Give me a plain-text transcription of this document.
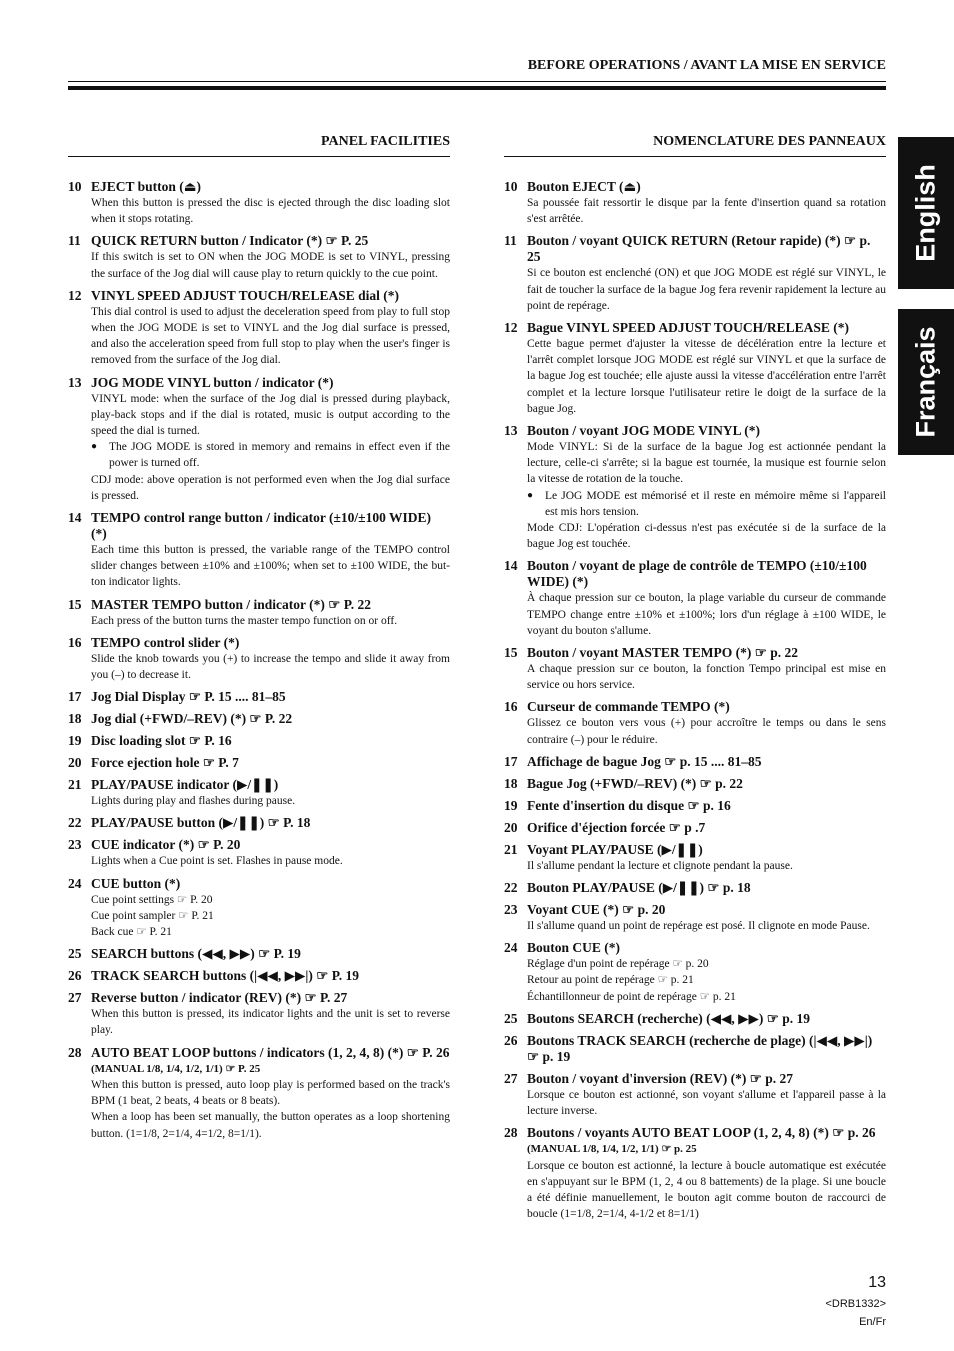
BEFORE OPERATIONS / AVANT LA MISE EN SERVICE
PANEL FACILITIES
10 EJECT button (⏏)
When this button is pressed the disc is ejected through the disc loading slot when it stops rotating.
11 QUICK RETURN button / Indicator (*) ☞ P. 25
If this switch is set to ON when the JOG MODE is set to VINYL, pressing the surface of the Jog dial will cause play to return quickly to the cue point.
12 VINYL SPEED ADJUST TOUCH/RELEASE dial (*)
This dial control is used to adjust the deceleration speed from play to full stop when the JOG MODE is set to VINYL and the Jog dial surface is pressed, and also the acceleration speed from full stop to play when the user's finger is removed from the surface of the Jog dial.
13 JOG MODE VINYL button / indicator (*)
VINYL mode: when the surface of the Jog dial is pressed during playback, play-back stops and if the dial is rotated, music is output according to the speed the dial is turned.
● The JOG MODE is stored in memory and remains in effect even if the power is turned off.
CDJ mode: above operation is not performed even when the Jog dial surface is pressed.
14 TEMPO control range button / indicator (±10/±100 WIDE) (*)
Each time this button is pressed, the variable range of the TEMPO control slider changes between ±10% and ±100%; when set to ±100 WIDE, the but-ton indicator lights.
15 MASTER TEMPO button / indicator (*) ☞ P. 22
Each press of the button turns the master tempo function on or off.
16 TEMPO control slider (*)
Slide the knob towards you (+) to increase the tempo and slide it away from you (–) to decrease it.
17 Jog Dial Display ☞ P. 15 .... 81–85
18 Jog dial (+FWD/–REV) (*) ☞ P. 22
19 Disc loading slot ☞ P. 16
20 Force ejection hole ☞ P. 7
21 PLAY/PAUSE indicator (▶/❚❚)
Lights during play and flashes during pause.
22 PLAY/PAUSE button (▶/❚❚) ☞ P. 18
23 CUE indicator (*) ☞ P. 20
Lights when a Cue point is set. Flashes in pause mode.
24 CUE button (*)
Cue point settings ☞ P. 20
Cue point sampler ☞ P. 21
Back cue ☞ P. 21
25 SEARCH buttons (◀◀, ▶▶) ☞ P. 19
26 TRACK SEARCH buttons (|◀◀, ▶▶|) ☞ P. 19
27 Reverse button / indicator (REV) (*) ☞ P. 27
When this button is pressed, its indicator lights and the unit is set to reverse play.
28 AUTO BEAT LOOP buttons / indicators (1, 2, 4, 8) (*) ☞ P. 26
(MANUAL 1/8, 1/4, 1/2, 1/1) ☞ P. 25
When this button is pressed, auto loop play is performed based on the track's BPM (1 beat, 2 beats, 4 beats or 8 beats).
When a loop has been set manually, the button operates as a loop shortening button. (1=1/8, 2=1/4, 4=1/2, 8=1/1).
NOMENCLATURE DES PANNEAUX
10 Bouton EJECT (⏏)
Sa poussée fait ressortir le disque par la fente d'insertion quand sa rotation s'est arrêtée.
11 Bouton / voyant QUICK RETURN (Retour rapide) (*) ☞ p. 25
Si ce bouton est enclenché (ON) et que JOG MODE est réglé sur VINYL, le fait de toucher la surface de la bague Jog fera revenir rapidement la lecture au point de repérage.
12 Bague VINYL SPEED ADJUST TOUCH/RELEASE (*)
Cette bague permet d'ajuster la vitesse de décélération entre la lecture et l'arrêt complet lorsque JOG MODE est réglé sur VINYL et que la surface de la bague Jog est touchée; elle ajuste aussi la vitesse d'accélération entre l'arrêt complet et la lecture lorsque l'utilisateur retire le doigt de la surface de la bague Jog.
13 Bouton / voyant JOG MODE VINYL (*)
Mode VINYL: Si de la surface de la bague Jog est actionnée pendant la lecture, celle-ci s'arrête; si la bague est tournée, la musique est fournie selon la vitesse de rotation de la touche.
● Le JOG MODE est mémorisé et il reste en mémoire même si l'appareil est mis hors tension.
Mode CDJ: L'opération ci-dessus n'est pas exécutée si de la surface de la bague Jog est touchée.
14 Bouton / voyant de plage de contrôle de TEMPO (±10/±100 WIDE) (*)
À chaque pression sur ce bouton, la plage variable du curseur de commande TEMPO change entre ±10% et ±100%; lors d'un réglage à ±100 WIDE, le voyant du bouton s'allume.
15 Bouton / voyant MASTER TEMPO (*) ☞ p. 22
A chaque pression sur ce bouton, la fonction Tempo principal est mise en service ou hors service.
16 Curseur de commande TEMPO (*)
Glissez ce bouton vers vous (+) pour accroître le temps ou dans le sens contraire (–) pour le réduire.
17 Affichage de bague Jog ☞ p. 15 .... 81–85
18 Bague Jog (+FWD/–REV) (*) ☞ p. 22
19 Fente d'insertion du disque ☞ p. 16
20 Orifice d'éjection forcée ☞ p .7
21 Voyant PLAY/PAUSE (▶/❚❚)
Il s'allume pendant la lecture et clignote pendant la pause.
22 Bouton PLAY/PAUSE (▶/❚❚) ☞ p. 18
23 Voyant CUE (*) ☞ p. 20
Il s'allume quand un point de repérage est posé. Il clignote en mode Pause.
24 Bouton CUE (*)
Réglage d'un point de repérage ☞ p. 20
Retour au point de repérage ☞ p. 21
Échantillonneur de point de repérage ☞ p. 21
25 Boutons SEARCH (recherche) (◀◀, ▶▶) ☞ p. 19
26 Boutons TRACK SEARCH (recherche de plage) (|◀◀, ▶▶|) ☞ p. 19
27 Bouton / voyant d'inversion (REV) (*) ☞ p. 27
Lorsque ce bouton est actionné, son voyant s'allume et l'appareil passe à la lecture inverse.
28 Boutons / voyants AUTO BEAT LOOP (1, 2, 4, 8) (*) ☞ p. 26
(MANUAL 1/8, 1/4, 1/2, 1/1) ☞ p. 25
Lorsque ce bouton est actionné, la lecture à boucle automatique est exécutée en s'appuyant sur le BPM (1, 2, 4 ou 8 battements) de la plage. Si une boucle a été définie manuellement, le bouton agit comme bouton de raccourci de boucle (1=1/8, 2=1/4, 4-1/2 et 8=1/1)
English
Français
13
<DRB1332>
En/Fr
